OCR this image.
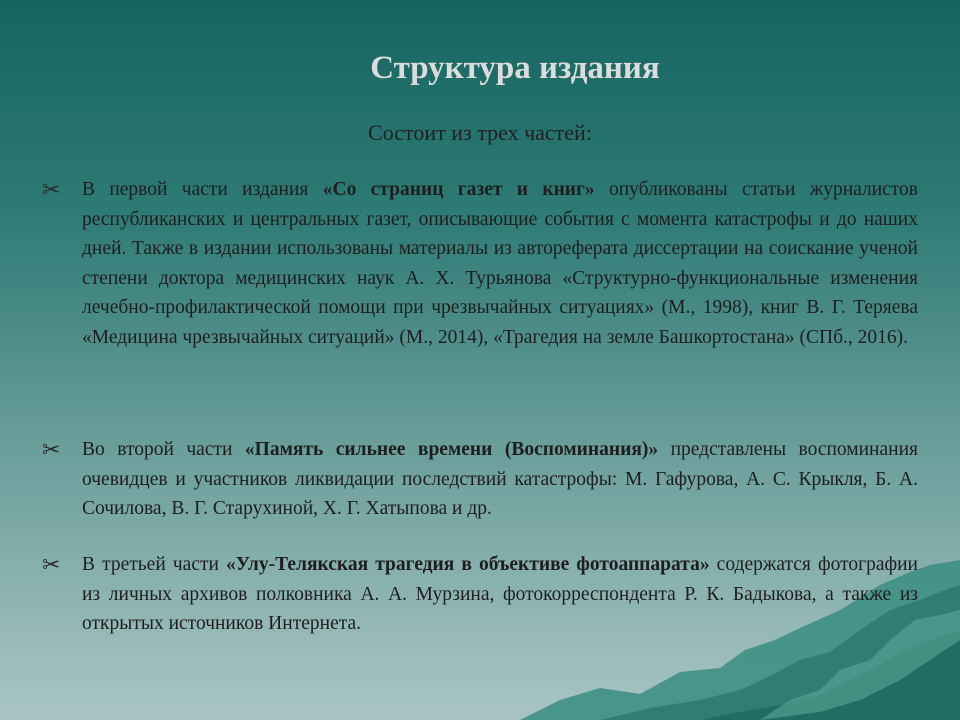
Структура издания
Состоит из трех частей:
✂ В первой части издания «Со страниц газет и книг» опубликованы статьи журналистов республиканских и центральных газет, описывающие события с момента катастрофы и до наших дней. Также в издании использованы материалы из автореферата диссертации на соискание ученой степени доктора медицинских наук А. Х. Турьянова «Структурно-функциональные изменения лечебно-профилактической помощи при чрезвычайных ситуациях» (М., 1998), книг В. Г. Теряева «Медицина чрезвычайных ситуаций» (М., 2014), «Трагедия на земле Башкортостана» (СПб., 2016).
✂ Во второй части «Память сильнее времени (Воспоминания)» представлены воспоминания очевидцев и участников ликвидации последствий катастрофы: М. Гафурова, А. С. Крыкля, Б. А. Сочилова, В. Г. Старухиной, Х. Г. Хатыпова и др.
✂ В третьей части «Улу-Телякская трагедия в объективе фотоаппарата» содержатся фотографии из личных архивов полковника А. А. Мурзина, фотокорреспондента Р. К. Бадыкова, а также из открытых источников Интернета.
